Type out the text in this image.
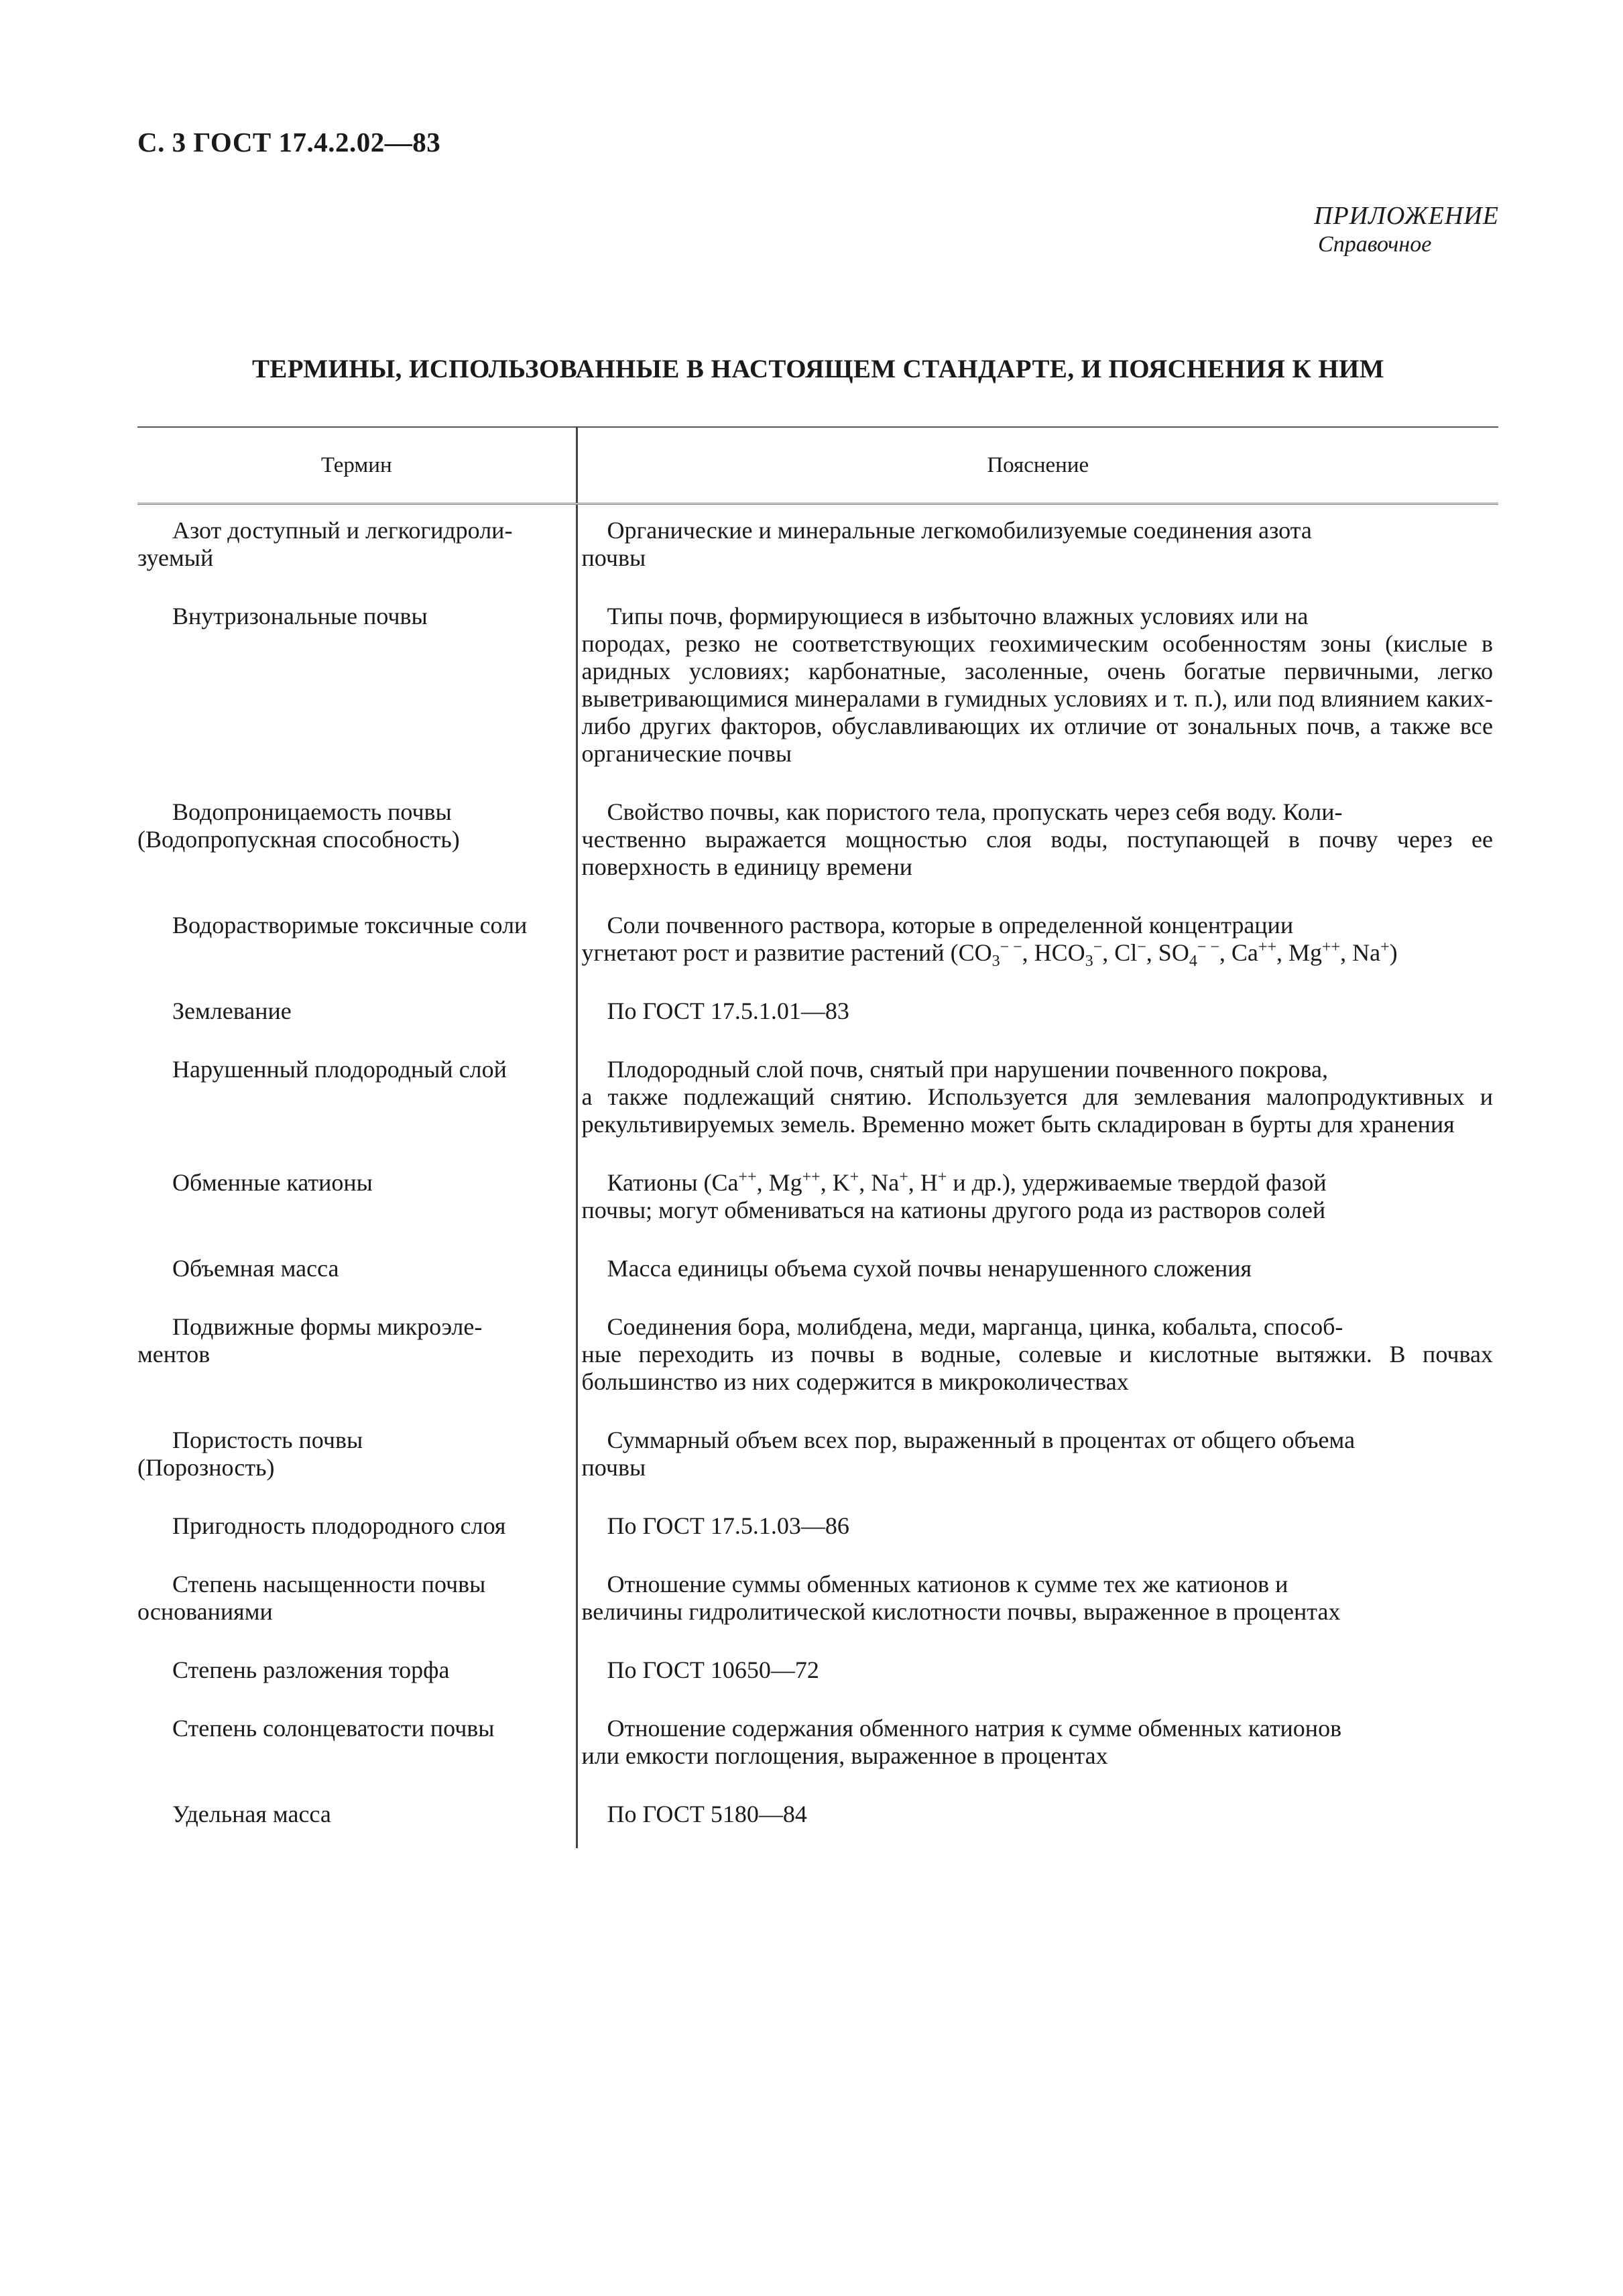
С. 3 ГОСТ 17.4.2.02—83
ПРИЛОЖЕНИЕ
Справочное
ТЕРМИНЫ, ИСПОЛЬЗОВАННЫЕ В НАСТОЯЩЕМ СТАНДАРТЕ, И ПОЯСНЕНИЯ К НИМ
Термин	Пояснение

Азот доступный и легкогидроли-
зуемый	Органические и минеральные легкомобилизуемые соединения азота
почвы

Внутризональные почвы	Типы почв, формирующиеся в избыточно влажных условиях или на
породах, резко не соответствующих геохимическим особенностям зоны (кислые в аридных условиях; карбонатные, засоленные, очень богатые первичными, легко выветривающимися минералами в гумидных условиях и т. п.), или под влиянием каких-либо других факторов, обуславливающих их отличие от зональных почв, а также все органические почвы

Водопроницаемость почвы
(Водопропускная способность)	Свойство почвы, как пористого тела, пропускать через себя воду. Коли-
чественно выражается мощностью слоя воды, поступающей в почву через ее поверхность в единицу времени

Водорастворимые токсичные соли	Соли почвенного раствора, которые в определенной концентрации
угнетают рост и развитие растений ($CO_3^{- -}$, $HCO_3^-$, Cl−, $SO_4^{- -}$, Ca++, Mg++, Na+)

Землевание	По ГОСТ 17.5.1.01—83

Нарушенный плодородный слой	Плодородный слой почв, снятый при нарушении почвенного покрова,
а также подлежащий снятию. Используется для землевания малопродуктивных и рекультивируемых земель. Временно может быть складирован в бурты для хранения

Обменные катионы	Катионы (Ca++, Mg++, K+, Na+, H+ и др.), удерживаемые твердой фазой
почвы; могут обмениваться на катионы другого рода из растворов солей

Объемная масса	Масса единицы объема сухой почвы ненарушенного сложения

Подвижные формы микроэле-
ментов	Соединения бора, молибдена, меди, марганца, цинка, кобальта, способ-
ные переходить из почвы в водные, солевые и кислотные вытяжки. В почвах большинство из них содержится в микроколичествах

Пористость почвы
(Порозность)	Суммарный объем всех пор, выраженный в процентах от общего объема
почвы

Пригодность плодородного слоя	По ГОСТ 17.5.1.03—86

Степень насыщенности почвы
основаниями	Отношение суммы обменных катионов к сумме тех же катионов и
величины гидролитической кислотности почвы, выраженное в процентах

Степень разложения торфа	По ГОСТ 10650—72

Степень солонцеватости почвы	Отношение содержания обменного натрия к сумме обменных катионов
или емкости поглощения, выраженное в процентах

Удельная масса	По ГОСТ 5180—84
